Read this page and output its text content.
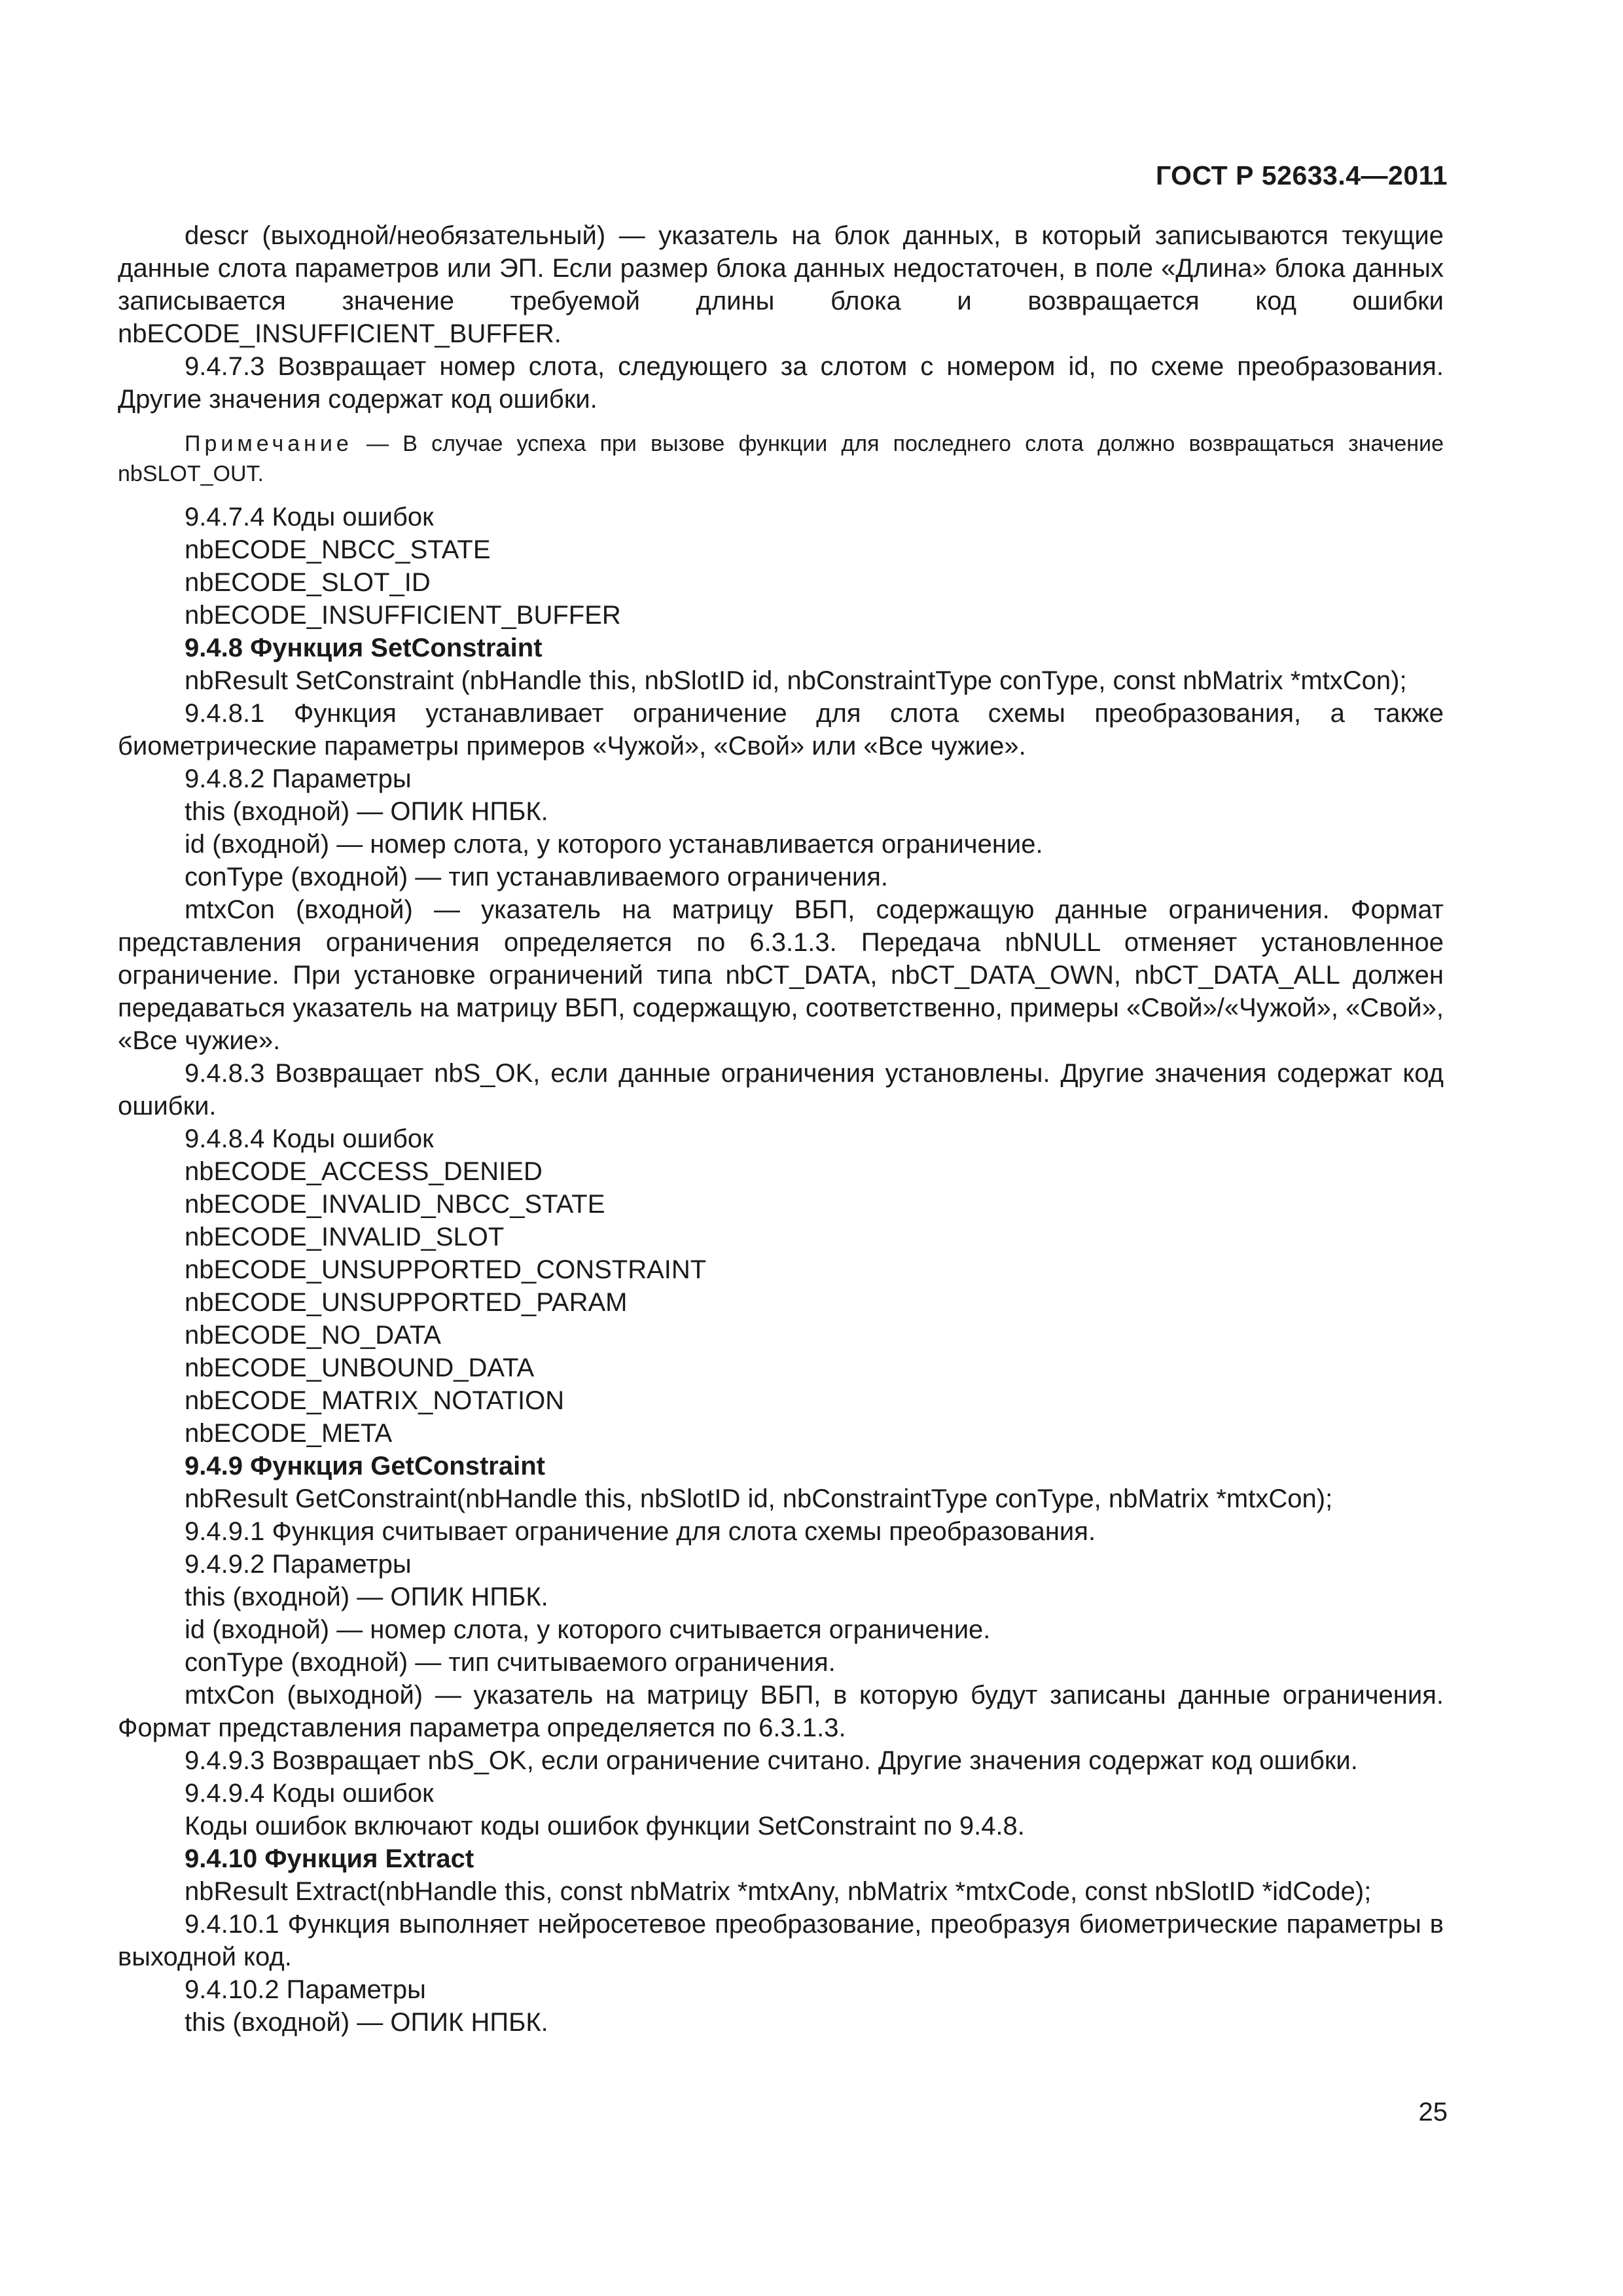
ГОСТ Р 52633.4—2011

descr (выходной/необязательный) — указатель на блок данных, в который записываются текущие данные слота параметров или ЭП. Если размер блока данных недостаточен, в поле «Длина» блока данных записывается значение требуемой длины блока и возвращается код ошибки nbECODE_INSUFFICIENT_BUFFER.

9.4.7.3 Возвращает номер слота, следующего за слотом с номером id, по схеме преобразования. Другие значения содержат код ошибки.

Примечание — В случае успеха при вызове функции для последнего слота должно возвращаться значение nbSLOT_OUT.

9.4.7.4 Коды ошибок

nbECODE_NBCC_STATE

nbECODE_SLOT_ID

nbECODE_INSUFFICIENT_BUFFER

9.4.8 Функция SetConstraint

nbResult SetConstraint (nbHandle this, nbSlotID id, nbConstraintType conType, const nbMatrix *mtxCon);

9.4.8.1 Функция устанавливает ограничение для слота схемы преобразования, а также биометрические параметры примеров «Чужой», «Свой» или «Все чужие».

9.4.8.2 Параметры

this (входной) — ОПИК НПБК.

id (входной) — номер слота, у которого устанавливается ограничение.

conType (входной) — тип устанавливаемого ограничения.

mtxCon (входной) — указатель на матрицу ВБП, содержащую данные ограничения. Формат представления ограничения определяется по 6.3.1.3. Передача nbNULL отменяет установленное ограничение. При установке ограничений типа nbCT_DATA, nbCT_DATA_OWN, nbCT_DATA_ALL должен передаваться указатель на матрицу ВБП, содержащую, соответственно, примеры «Свой»/«Чужой», «Свой», «Все чужие».

9.4.8.3 Возвращает nbS_OK, если данные ограничения установлены. Другие значения содержат код ошибки.

9.4.8.4 Коды ошибок

nbECODE_ACCESS_DENIED

nbECODE_INVALID_NBCC_STATE

nbECODE_INVALID_SLOT

nbECODE_UNSUPPORTED_CONSTRAINT

nbECODE_UNSUPPORTED_PARAM

nbECODE_NO_DATA

nbECODE_UNBOUND_DATA

nbECODE_MATRIX_NOTATION

nbECODE_META

9.4.9 Функция GetConstraint

nbResult GetConstraint(nbHandle this, nbSlotID id, nbConstraintType conType, nbMatrix *mtxCon);

9.4.9.1 Функция считывает ограничение для слота схемы преобразования.

9.4.9.2 Параметры

this (входной) — ОПИК НПБК.

id (входной) — номер слота, у которого считывается ограничение.

conType (входной) — тип считываемого ограничения.

mtxCon (выходной) — указатель на матрицу ВБП, в которую будут записаны данные ограничения. Формат представления параметра определяется по 6.3.1.3.

9.4.9.3 Возвращает nbS_OK, если ограничение считано. Другие значения содержат код ошибки.

9.4.9.4 Коды ошибок

Коды ошибок включают коды ошибок функции SetConstraint по 9.4.8.

9.4.10 Функция Extract

nbResult Extract(nbHandle this, const nbMatrix *mtxAny, nbMatrix *mtxCode, const nbSlotID *idCode);

9.4.10.1 Функция выполняет нейросетевое преобразование, преобразуя биометрические параметры в выходной код.

9.4.10.2 Параметры

this (входной) — ОПИК НПБК.

25
